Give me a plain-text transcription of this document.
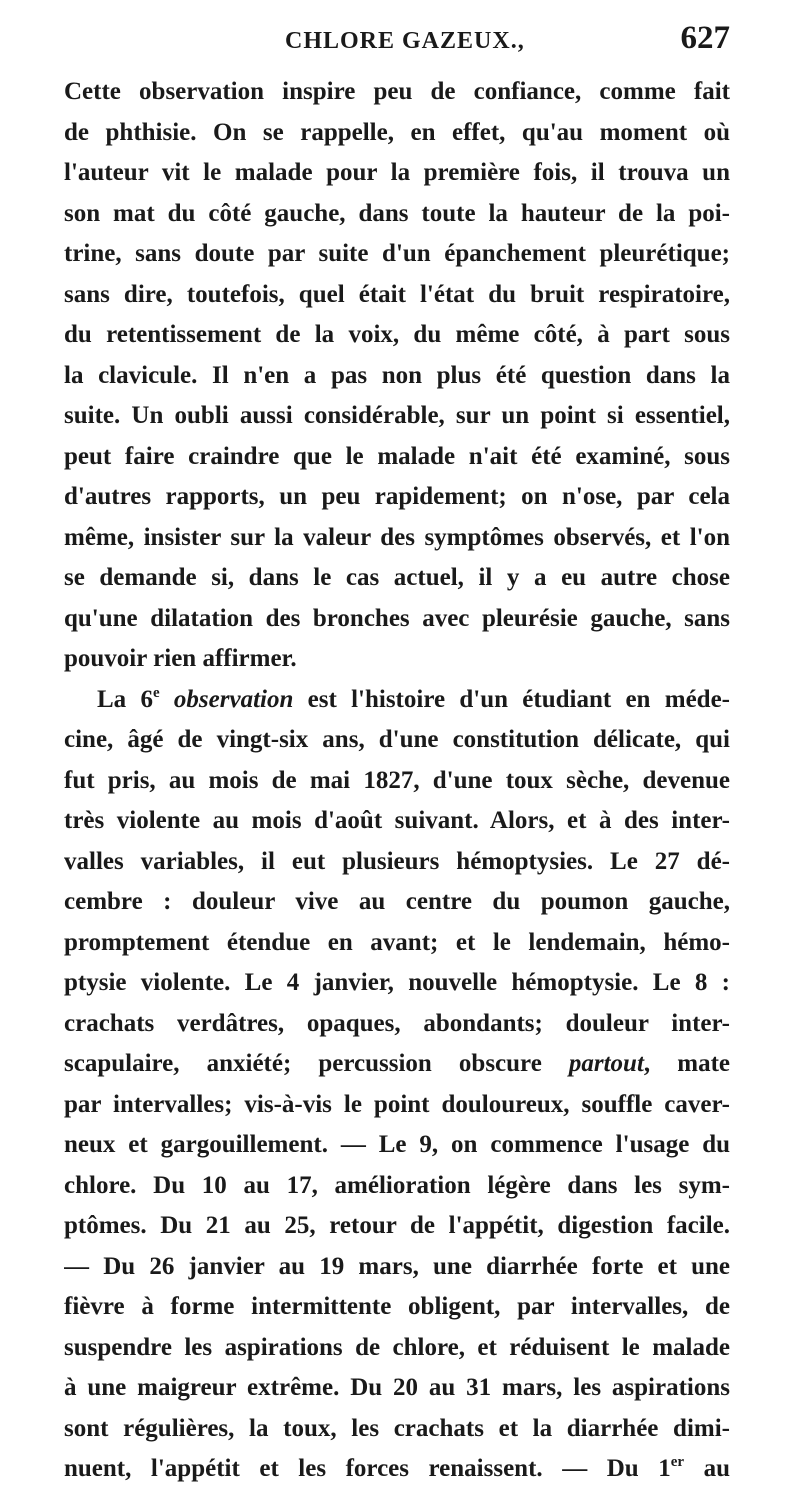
CHLORE GAZEUX.,	627
Cette observation inspire peu de confiance, comme fait
de phthisie. On se rappelle, en effet, qu'au moment où
l'auteur vit le malade pour la première fois, il trouva un
son mat du côté gauche, dans toute la hauteur de la poi-
trine, sans doute par suite d'un épanchement pleurétique;
sans dire, toutefois, quel était l'état du bruit respiratoire,
du retentissement de la voix, du même côté, à part sous
la clavicule. Il n'en a pas non plus été question dans la
suite. Un oubli aussi considérable, sur un point si essentiel,
peut faire craindre que le malade n'ait été examiné, sous
d'autres rapports, un peu rapidement; on n'ose, par cela
même, insister sur la valeur des symptômes observés, et l'on
se demande si, dans le cas actuel, il y a eu autre chose
qu'une dilatation des bronches avec pleurésie gauche, sans
pouvoir rien affirmer.
La 6e observation est l'histoire d'un étudiant en méde-
cine, âgé de vingt-six ans, d'une constitution délicate, qui
fut pris, au mois de mai 1827, d'une toux sèche, devenue
très violente au mois d'août suivant. Alors, et à des inter-
valles variables, il eut plusieurs hémoptysies. Le 27 dé-
cembre : douleur vive au centre du poumon gauche,
promptement étendue en avant; et le lendemain, hémo-
ptysie violente. Le 4 janvier, nouvelle hémoptysie. Le 8 :
crachats verdâtres, opaques, abondants; douleur inter-
scapulaire, anxiété; percussion obscure partout, mate
par intervalles; vis-à-vis le point douloureux, souffle caver-
neux et gargouillement. — Le 9, on commence l'usage du
chlore. Du 10 au 17, amélioration légère dans les sym-
ptômes. Du 21 au 25, retour de l'appétit, digestion facile.
— Du 26 janvier au 19 mars, une diarrhée forte et une
fièvre à forme intermittente obligent, par intervalles, de
suspendre les aspirations de chlore, et réduisent le malade
à une maigreur extrême. Du 20 au 31 mars, les aspirations
sont régulières, la toux, les crachats et la diarrhée dimi-
nuent, l'appétit et les forces renaissent. — Du 1er au
